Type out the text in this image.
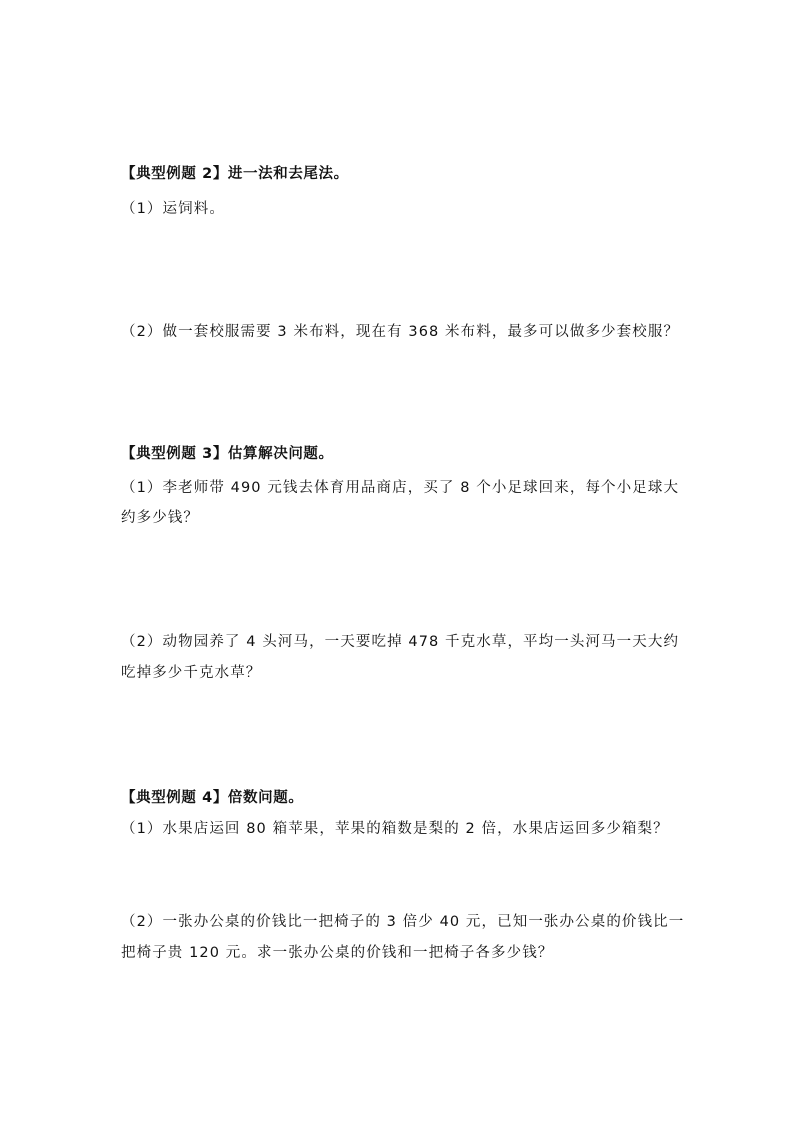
【典型例题 2】进一法和去尾法。
（1）运饲料。
（2）做一套校服需要 3 米布料，现在有 368 米布料，最多可以做多少套校服？
【典型例题 3】估算解决问题。
（1）李老师带 490 元钱去体育用品商店，买了 8 个小足球回来，每个小足球大
约多少钱？
（2）动物园养了 4 头河马，一天要吃掉 478 千克水草，平均一头河马一天大约
吃掉多少千克水草？
【典型例题 4】倍数问题。
（1）水果店运回 80 箱苹果，苹果的箱数是梨的 2 倍，水果店运回多少箱梨？
（2）一张办公桌的价钱比一把椅子的 3 倍少 40 元，已知一张办公桌的价钱比一
把椅子贵 120 元。求一张办公桌的价钱和一把椅子各多少钱？
